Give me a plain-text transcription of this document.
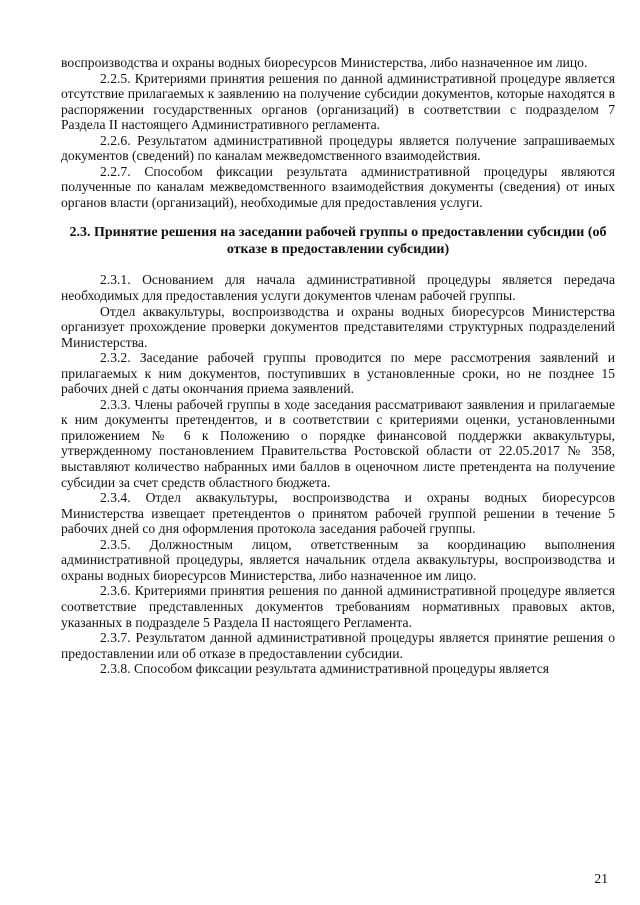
воспроизводства и охраны водных биоресурсов Министерства, либо назначенное им лицо.

2.2.5. Критериями принятия решения по данной административной процедуре является отсутствие прилагаемых к заявлению на получение субсидии документов, которые находятся в распоряжении государственных органов (организаций) в соответствии с подразделом 7 Раздела II настоящего Административного регламента.

2.2.6. Результатом административной процедуры является получение запрашиваемых документов (сведений) по каналам межведомственного взаимодействия.

2.2.7. Способом фиксации результата административной процедуры являются полученные по каналам межведомственного взаимодействия документы (сведения) от иных органов власти (организаций), необходимые для предоставления услуги.

2.3. Принятие решения на заседании рабочей группы о предоставлении субсидии (об отказе в предоставлении субсидии)

2.3.1. Основанием для начала административной процедуры является передача необходимых для предоставления услуги документов членам рабочей группы.

Отдел аквакультуры, воспроизводства и охраны водных биоресурсов Министерства организует прохождение проверки документов представителями структурных подразделений Министерства.

2.3.2. Заседание рабочей группы проводится по мере рассмотрения заявлений и прилагаемых к ним документов, поступивших в установленные сроки, но не позднее 15 рабочих дней с даты окончания приема заявлений.

2.3.3. Члены рабочей группы в ходе заседания рассматривают заявления и прилагаемые к ним документы претендентов, и в соответствии с критериями оценки, установленными приложением № 6 к Положению о порядке финансовой поддержки аквакультуры, утвержденному постановлением Правительства Ростовской области от 22.05.2017 № 358, выставляют количество набранных ими баллов в оценочном листе претендента на получение субсидии за счет средств областного бюджета.

2.3.4. Отдел аквакультуры, воспроизводства и охраны водных биоресурсов Министерства извещает претендентов о принятом рабочей группой решении в течение 5 рабочих дней со дня оформления протокола заседания рабочей группы.

2.3.5. Должностным лицом, ответственным за координацию выполнения административной процедуры, является начальник отдела аквакультуры, воспроизводства и охраны водных биоресурсов Министерства, либо назначенное им лицо.

2.3.6. Критериями принятия решения по данной административной процедуре является соответствие представленных документов требованиям нормативных правовых актов, указанных в подразделе 5 Раздела II настоящего Регламента.

2.3.7. Результатом данной административной процедуры является принятие решения о предоставлении или об отказе в предоставлении субсидии.

2.3.8. Способом фиксации результата административной процедуры является

21
